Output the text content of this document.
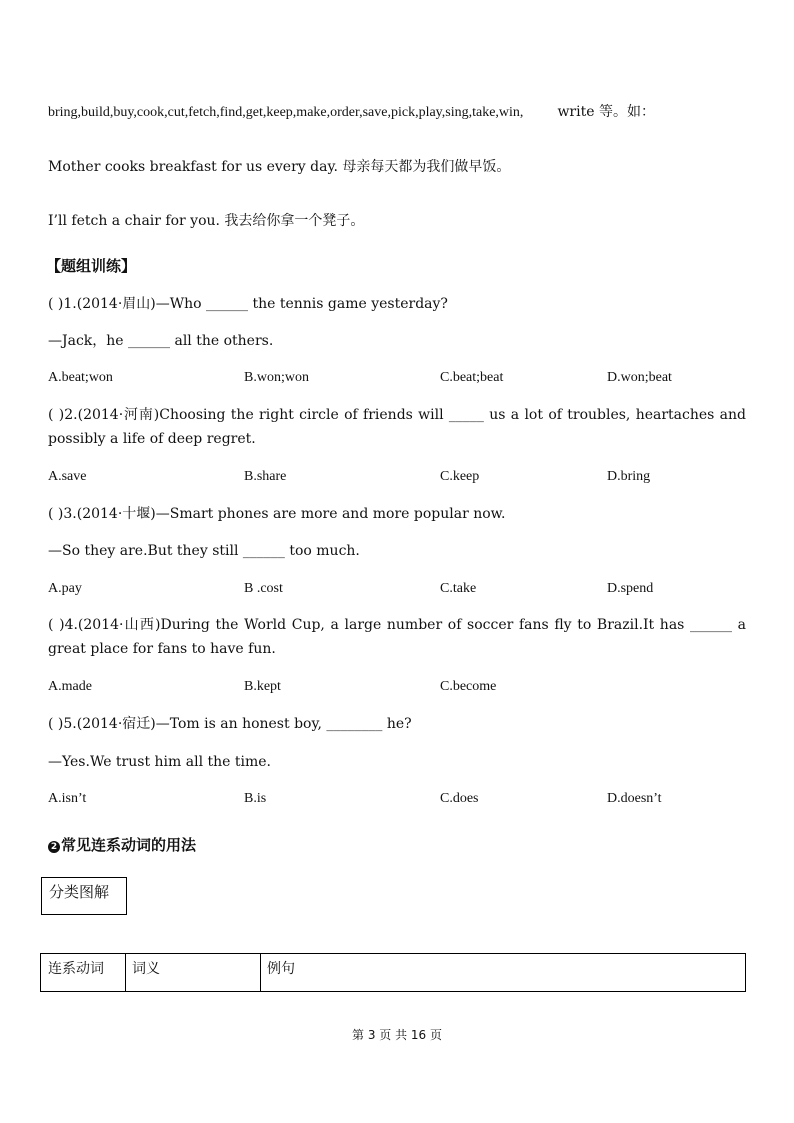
bring,build,buy,cook,cut,fetch,find,get,keep,make,order,save,pick,play,sing,take,win, write 等。如：
Mother cooks breakfast for us every day. 母亲每天都为我们做早饭。
I’ll fetch a chair for you. 我去给你拿一个凳子。
【题组训练】
( )1.(2014·眉山)—Who ______ the tennis game yesterday?
—Jack，he ______ all the others.
A.beat;won	B.won;won	C.beat;beat	D.won;beat
( )2.(2014·河南)Choosing the right circle of friends will _____ us a lot of troubles, heartaches and possibly a life of deep regret.
A.save	B.share	C.keep	D.bring
( )3.(2014·十堰)—Smart phones are more and more popular now.
—So they are.But they still ______ too much.
A.pay	B .cost	C.take	D.spend
( )4.(2014·山西)During the World Cup, a large number of soccer fans fly to Brazil.It has ______ a great place for fans to have fun.
A.made	B.kept	C.become
( )5.(2014·宿迁)—Tom is an honest boy, ________ he?
—Yes.We trust him all the time.
A.isn’t	B.is	C.does	D.doesn’t
2 常见连系动词的用法
分类图解
连系动词 词义	例句
第 3 页 共 16 页
